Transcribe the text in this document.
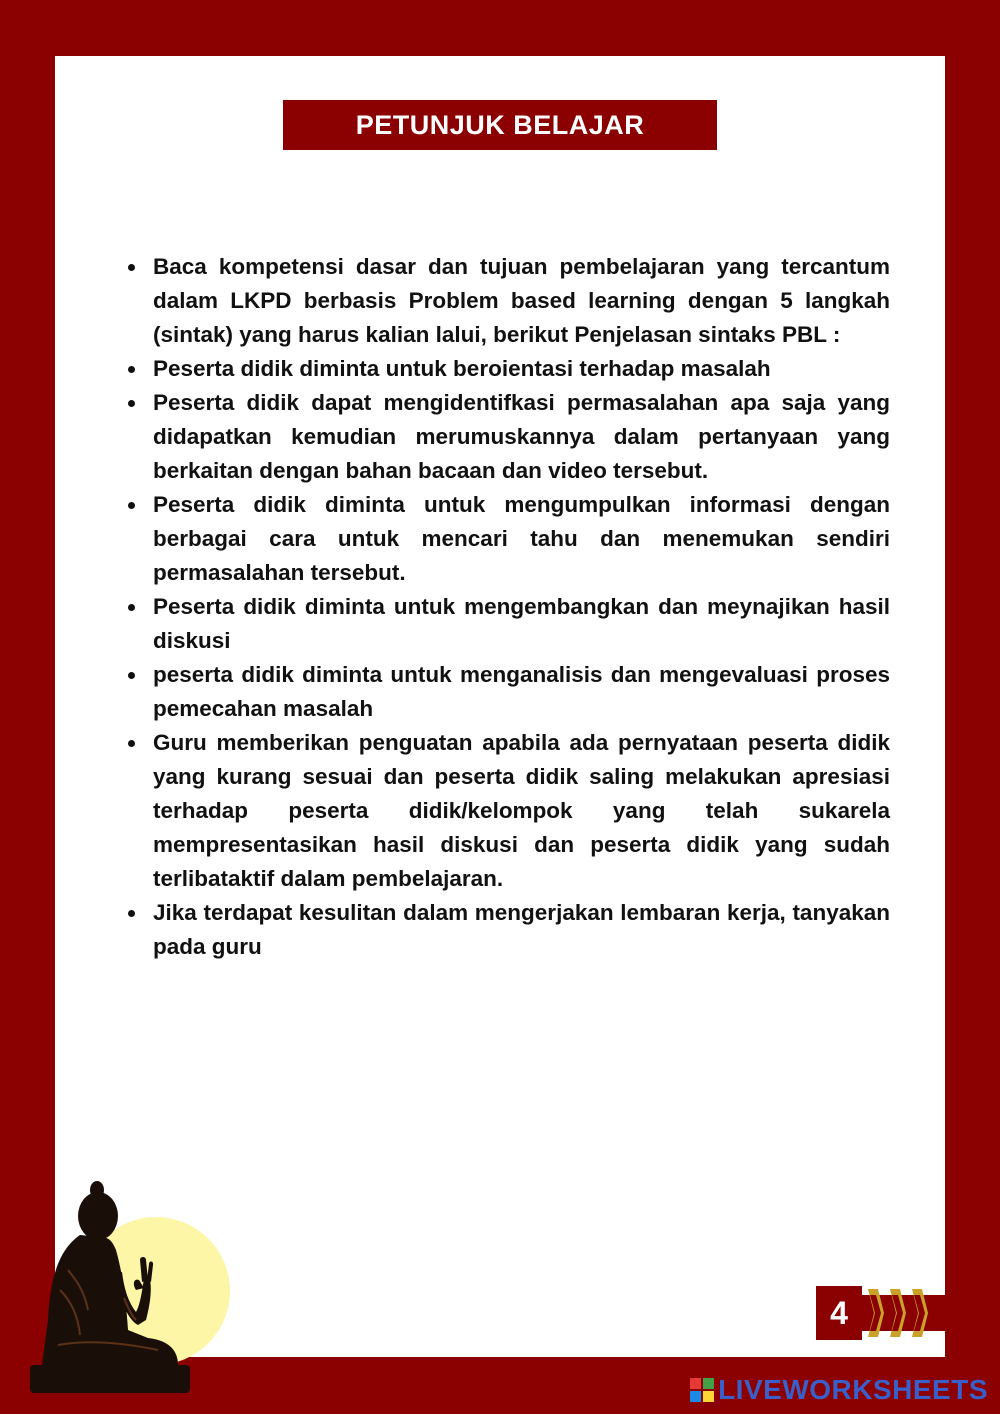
PETUNJUK BELAJAR
Baca kompetensi dasar dan tujuan pembelajaran yang tercantum dalam LKPD berbasis Problem based learning dengan 5 langkah (sintak) yang harus kalian lalui, berikut Penjelasan sintaks PBL :
Peserta didik diminta untuk beroientasi terhadap masalah
Peserta didik dapat mengidentifkasi permasalahan apa saja yang didapatkan kemudian merumuskannya dalam pertanyaan yang berkaitan dengan bahan bacaan dan video tersebut.
Peserta didik diminta untuk mengumpulkan informasi dengan berbagai cara untuk mencari tahu dan menemukan sendiri permasalahan tersebut.
Peserta didik diminta untuk mengembangkan dan meynajikan hasil diskusi
peserta didik diminta untuk menganalisis dan mengevaluasi proses pemecahan masalah
Guru memberikan penguatan apabila ada pernyataan peserta didik yang kurang sesuai dan peserta didik saling melakukan apresiasi terhadap peserta didik/kelompok yang telah sukarela mempresentasikan hasil diskusi dan peserta didik yang sudah terlibataktif dalam pembelajaran.
Jika terdapat kesulitan dalam mengerjakan lembaran kerja, tanyakan pada guru
4
LIVEWORKSHEETS
